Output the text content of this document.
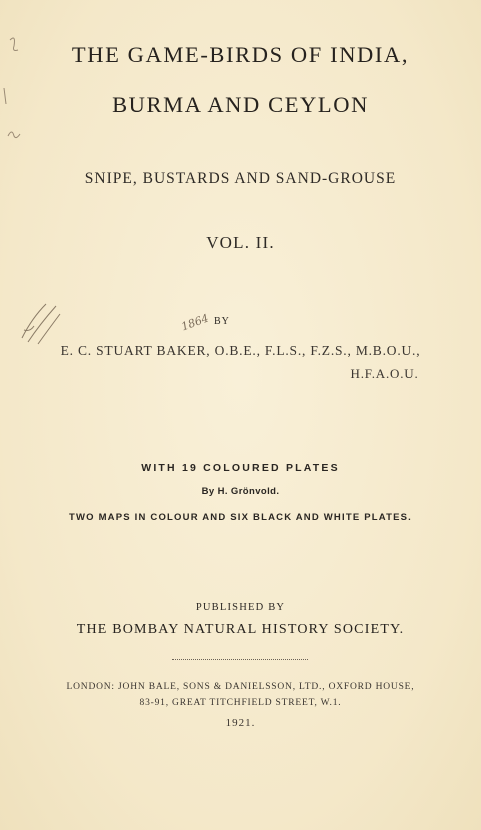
THE GAME-BIRDS OF INDIA,
BURMA AND CEYLON
SNIPE, BUSTARDS AND SAND-GROUSE
VOL. II.
1864 BY
E. C. STUART BAKER, O.B.E., F.L.S., F.Z.S., M.B.O.U.,
H.F.A.O.U.
WITH 19 COLOURED PLATES
By H. Grönvold.
TWO MAPS IN COLOUR AND SIX BLACK AND WHITE PLATES.
PUBLISHED BY
THE BOMBAY NATURAL HISTORY SOCIETY.
LONDON: JOHN BALE, SONS & DANIELSSON, LTD., OXFORD HOUSE,
83-91, GREAT TITCHFIELD STREET, W.1.
1921.
